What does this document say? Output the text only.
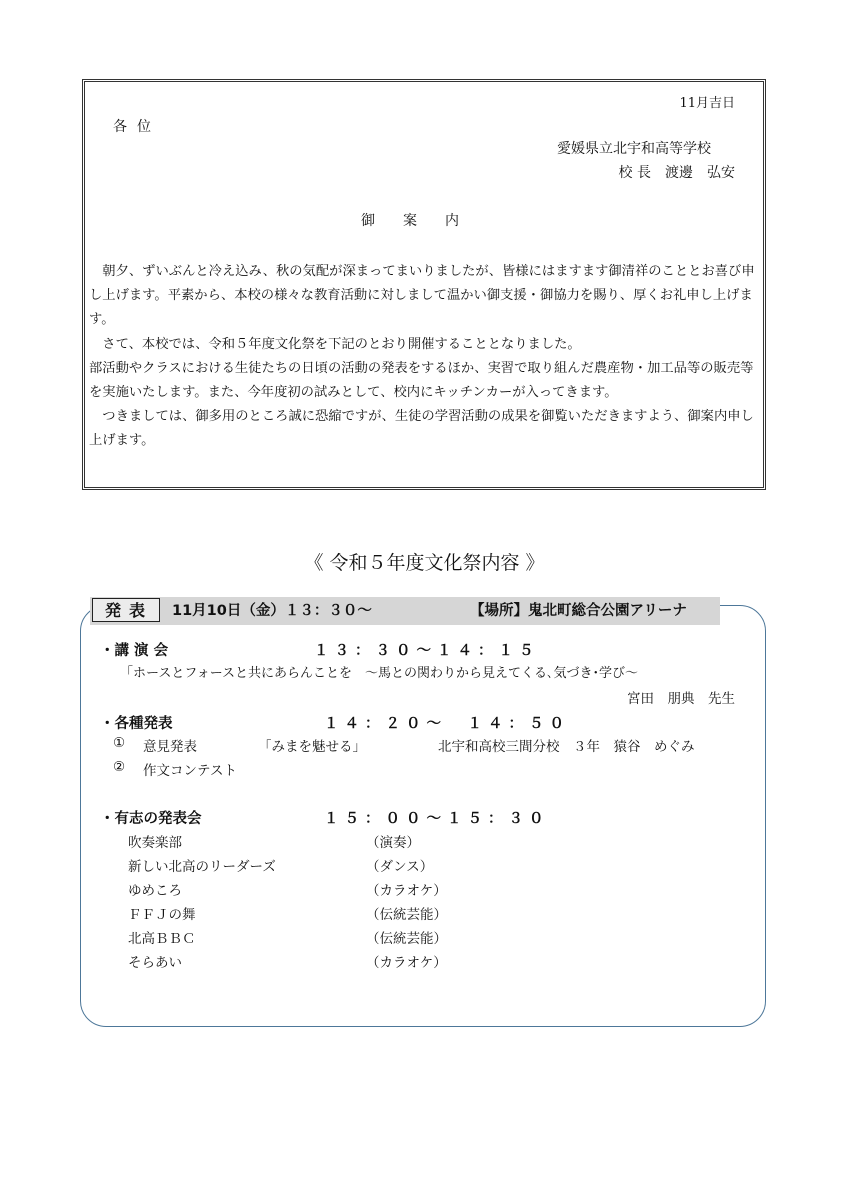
11月吉日
各位
愛媛県立北宇和高等学校
校 長　渡邊　弘安
御案内

　朝夕、ずいぶんと冷え込み、秋の気配が深まってまいりましたが、皆様にはますます御清祥のこととお喜び申し上げます。平素から、本校の様々な教育活動に対しまして温かい御支援・御協力を賜り、厚くお礼申し上げます。

　さて、本校では、令和５年度文化祭を下記のとおり開催することとなりました。

部活動やクラスにおける生徒たちの日頃の活動の発表をするほか、実習で取り組んだ農産物・加工品等の販売等を実施いたします。また、今年度初の試みとして、校内にキッチンカーが入ってきます。

　つきましては、御多用のところ誠に恐縮ですが、生徒の学習活動の成果を御覧いただきますよう、御案内申し上げます。

《 令和５年度文化祭内容 》
発表	11月10日（金）１３：３０～	【場所】鬼北町総合公園アリーナ
・講 演 会	１３：３０～１４：１５
「ホースとフォースと共にあらんことを　～馬との関わりから見えてくる､気づき･学び～
宮田　朋典　先生
・各種発表	１４：２０～　１４：５０
① 意見発表	「みまを魅せる」	北宇和高校三間分校　３年　猿谷　めぐみ
② 作文コンテスト
・有志の発表会	１５：００～１５：３０
吹奏楽部	（演奏）
新しい北高のリーダーズ	（ダンス）
ゆめころ	（カラオケ）
ＦＦＪの舞	（伝統芸能）
北高ＢＢＣ	（伝統芸能）
そらあい	（カラオケ）
